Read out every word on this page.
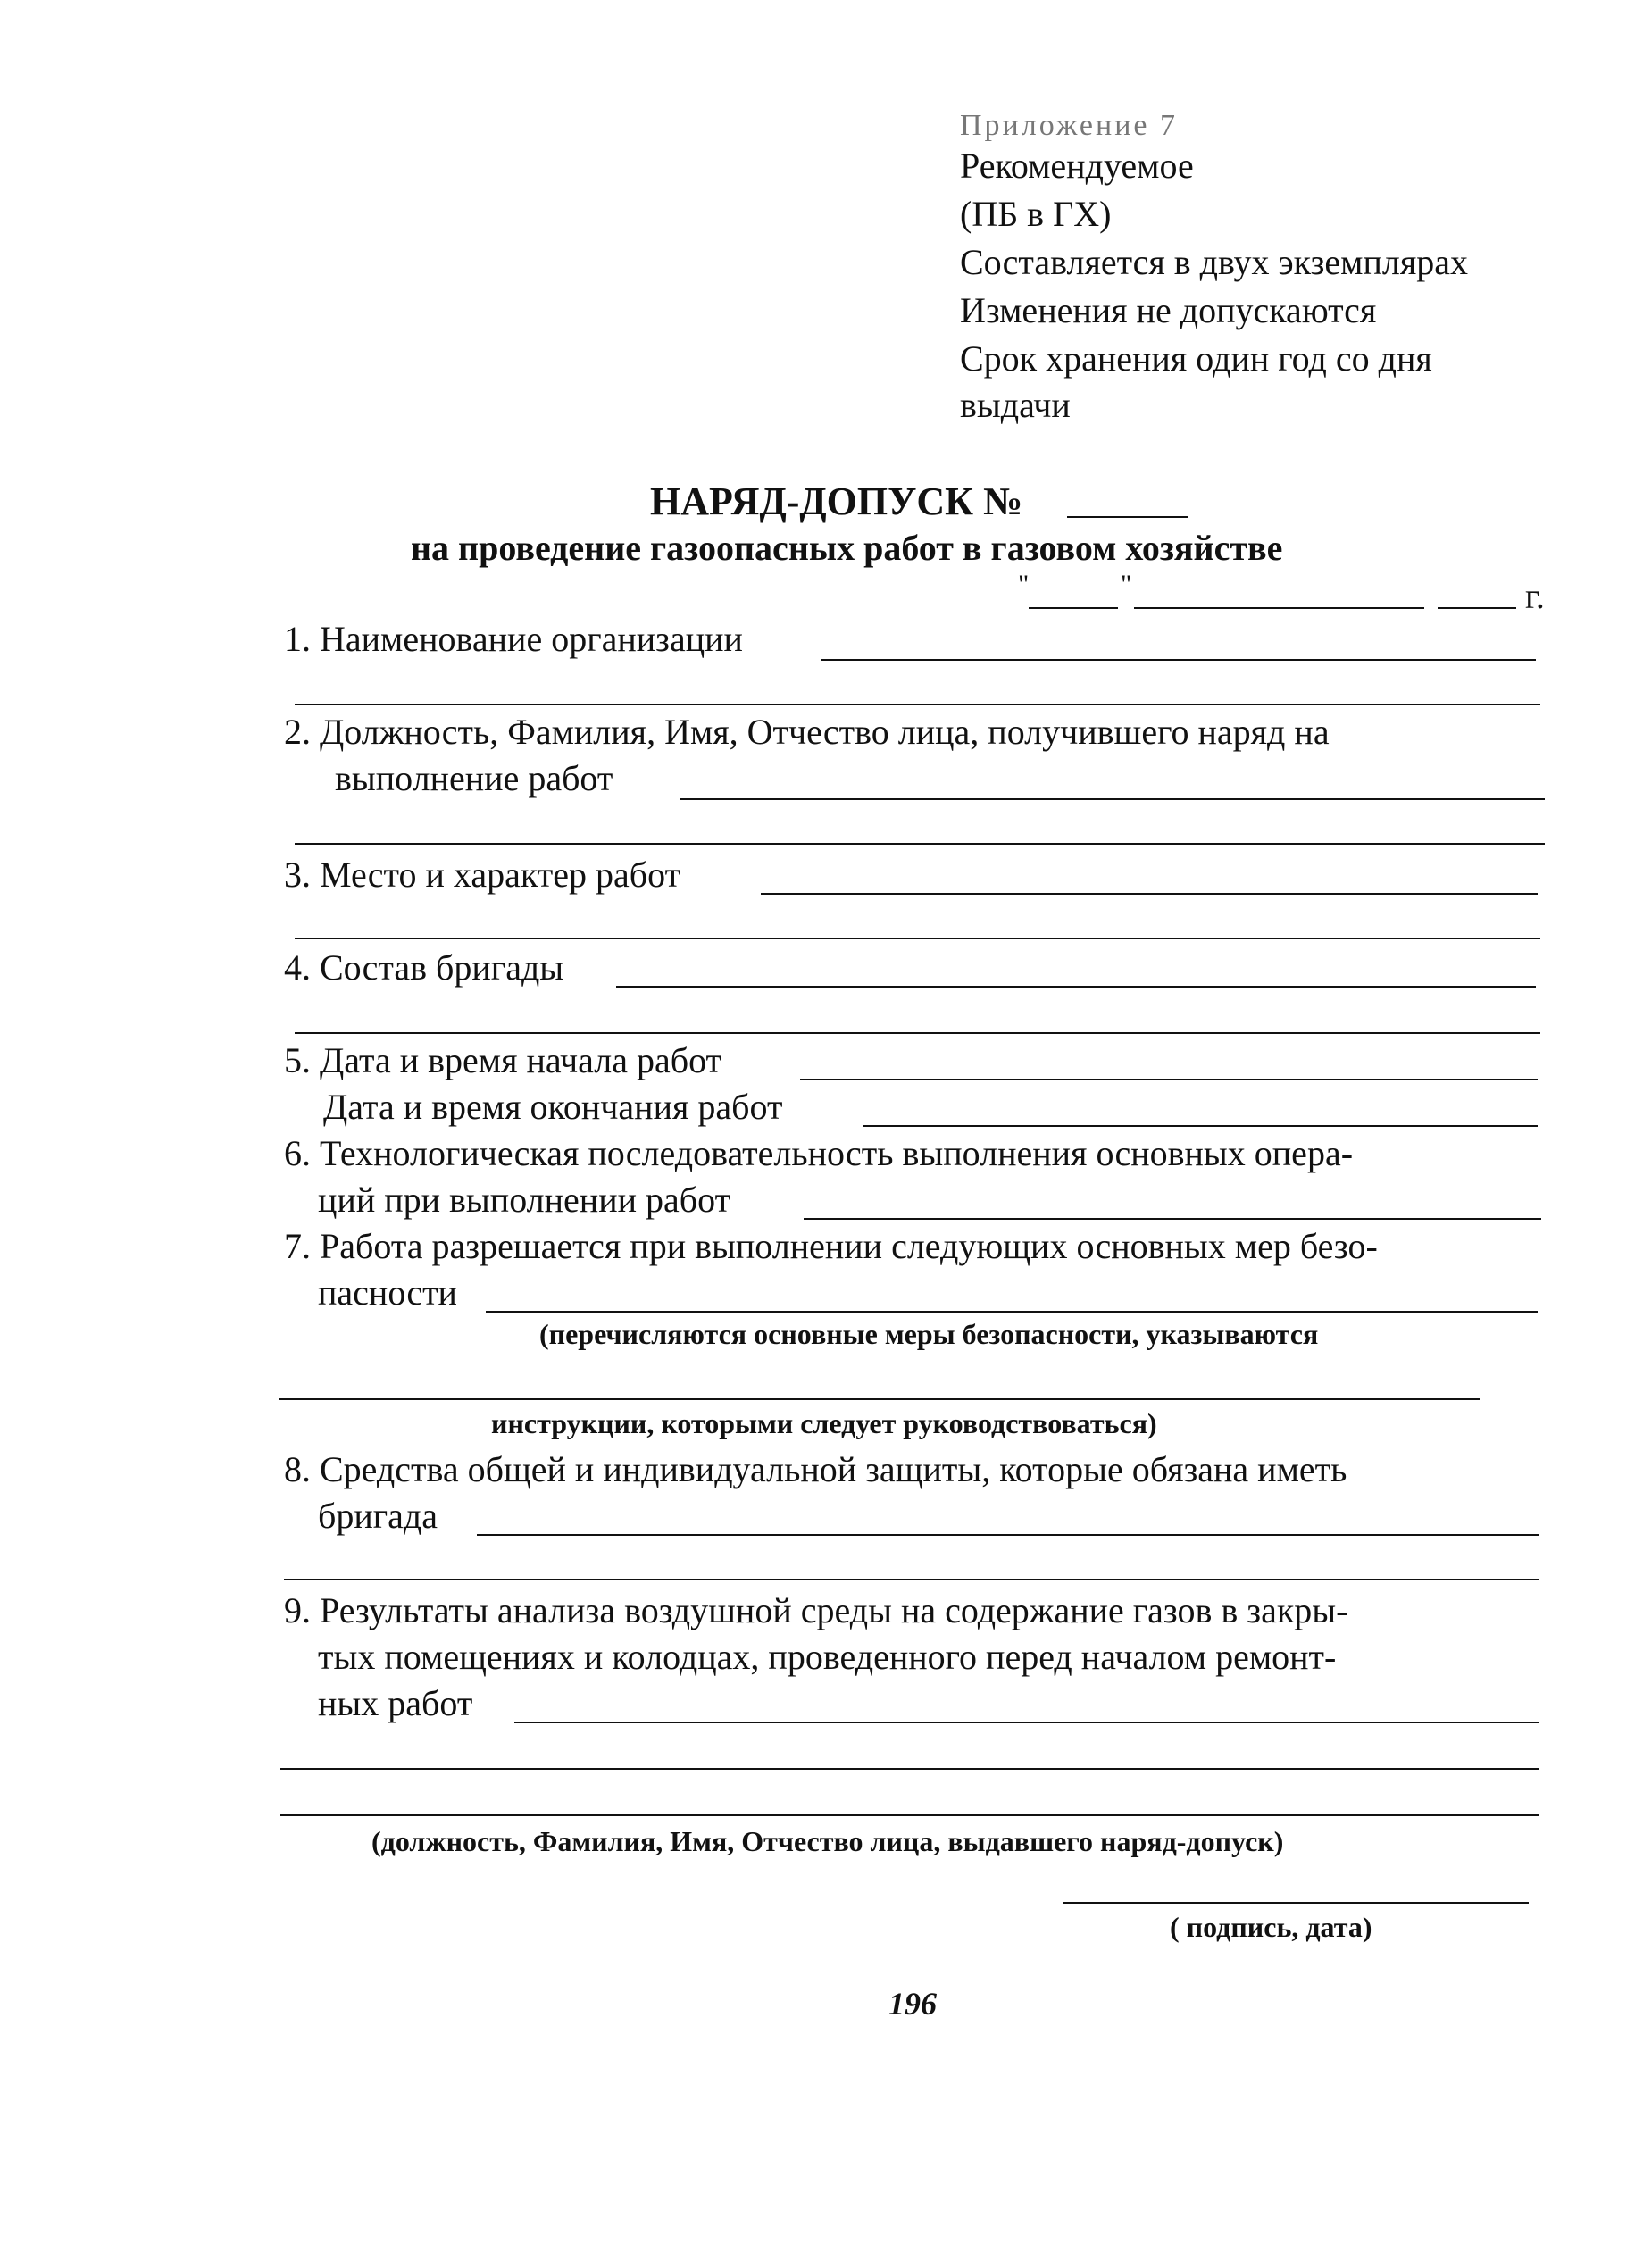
Приложение 7
Рекомендуемое
(ПБ в ГХ)
Составляется в двух экземплярах
Изменения не допускаются
Срок хранения один год со дня
выдачи
НАРЯД-ДОПУСК №
на проведение газоопасных работ в газовом хозяйстве
"	"	г.
1. Наименование организации
2. Должность, Фамилия, Имя, Отчество лица, получившего наряд на
выполнение работ
3. Место и характер работ
4. Состав бригады
5. Дата и время начала работ
Дата и время окончания работ
6. Технологическая последовательность выполнения основных опера-
ций при выполнении работ
7. Работа разрешается при выполнении следующих основных мер безо-
пасности
(перечисляются основные меры безопасности, указываются
инструкции, которыми следует руководствоваться)
8. Средства общей и индивидуальной защиты, которые обязана иметь
бригада
9. Результаты анализа воздушной среды на содержание газов в закры-
тых помещениях и колодцах, проведенного перед началом ремонт-
ных работ
(должность, Фамилия, Имя, Отчество лица, выдавшего наряд-допуск)
( подпись, дата)
196
